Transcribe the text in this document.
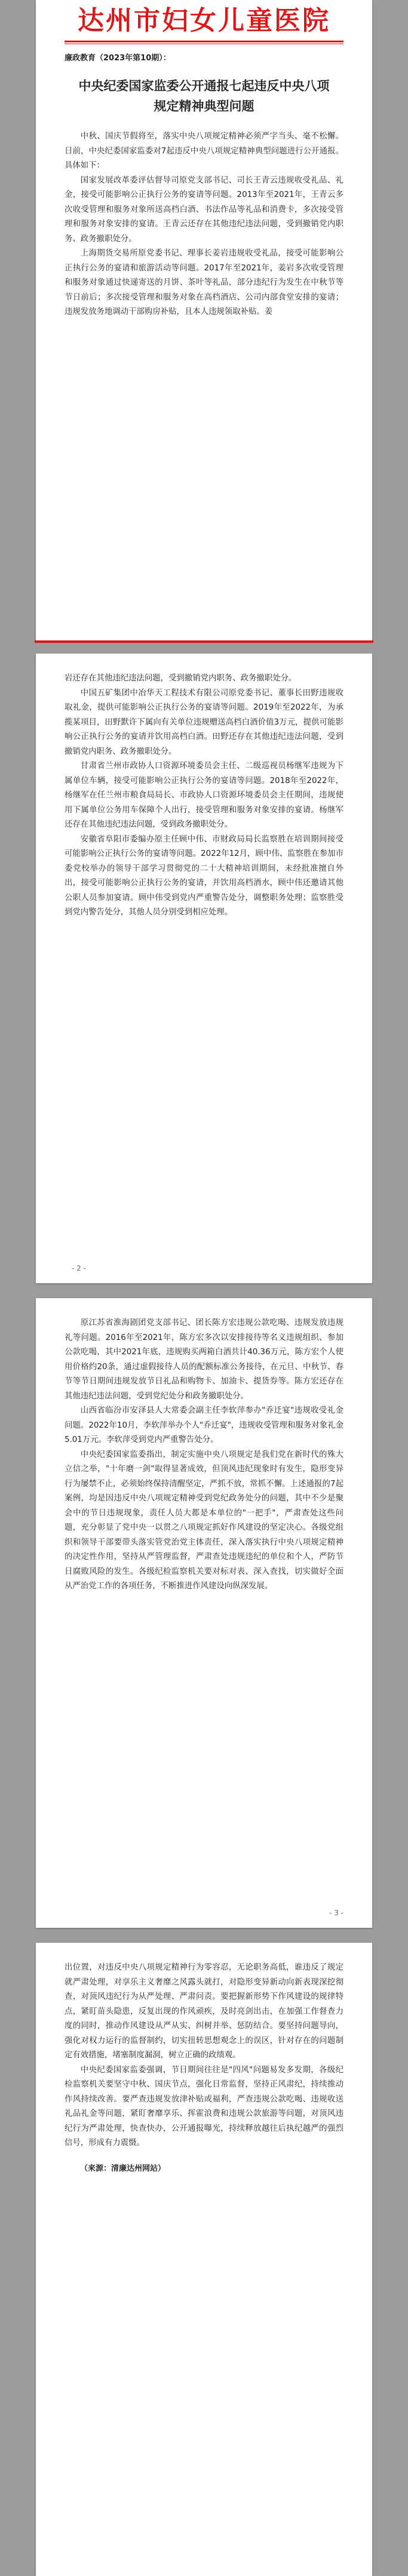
达州市妇女儿童医院
廉政教育（2023年第10期）：
中央纪委国家监委公开通报七起违反中央八项规定精神典型问题

中秋、国庆节假将至，落实中央八项规定精神必须严字当头、毫不松懈。日前，中央纪委国家监委对7起违反中央八项规定精神典型问题进行公开通报。具体如下：

国家发展改革委评估督导司原党支部书记、司长王青云违规收受礼品、礼金，接受可能影响公正执行公务的宴请等问题。2013年至2021年，王青云多次收受管理和服务对象所送高档白酒、书法作品等礼品和消费卡，多次接受管理和服务对象安排的宴请。王青云还存在其他违纪违法问题，受到撤销党内职务、政务撤职处分。

上海期货交易所原党委书记、理事长姜岩违规收受礼品，接受可能影响公正执行公务的宴请和旅游活动等问题。2017年至2021年，姜岩多次收受管理和服务对象通过快递寄送的月饼、茶叶等礼品，部分违纪行为发生在中秋节等节日前后；多次接受管理和服务对象在高档酒店、公司内部食堂安排的宴请；违规发放务地调动干部购房补贴，且本人违规领取补贴。姜

岩还存在其他违纪违法问题，受到撤销党内职务、政务撤职处分。

中国五矿集团中冶华天工程技术有限公司原党委书记、董事长田野违规收取礼金，提供可能影响公正执行公务的宴请等问题。2019年至2022年，为承揽某项目，田野默许下属向有关单位违规赠送高档白酒价值3万元，提供可能影响公正执行公务的宴请并饮用高档白酒。田野还存在其他违纪违法问题，受到撤销党内职务、政务撤职处分。

甘肃省兰州市政协人口资源环境委员会主任、二级巡视员杨继军违规为下属单位车辆，接受可能影响公正执行公务的宴请等问题。2018年至2022年，杨继军在任兰州市粮食局局长、市政协人口资源环境委员会主任期间，违规使用下属单位公务用车保障个人出行，接受管理和服务对象安排的宴请。杨继军还存在其他违纪违法问题，受到政务撤职处分。

安徽省阜阳市委编办原主任顾中伟、市财政局局长监察胜在培训期间接受可能影响公正执行公务的宴请等问题。2022年12月，顾中伟、监察胜在参加市委党校举办的领导干部学习贯彻党的二十大精神培训期间，未经批准擅自外出，接受可能影响公正执行公务的宴请，并饮用高档酒水，顾中伟还邀请其他公职人员参加宴请。顾中伟受到党内严重警告处分，调整职务处理；监察胜受到党内警告处分，其他人员分别受到相应处理。

- 2 -

原江苏省淮海剧团党支部书记、团长陈方宏违规公款吃喝、违规发放违规礼等问题。2016年至2021年，陈方宏多次以安排接待等名义违规组织、参加公款吃喝，其中2021年底，违规购买两箱白酒共计40.36万元，陈方宏个人使用价格约20条，通过虚假接待人员的配额标准公务接待，在元旦、中秋节、春节等节日期间违规发放节日礼品和购物卡、加油卡、提货券等。陈方宏还存在其他违纪违法问题，受到党纪处分和政务撤职处分。

山西省临汾市安泽县人大常委会副主任李软萍参办"乔迁宴"违规收受礼金问题。2022年10月，李软萍举办个人"乔迁宴"，违规收受管理和服务对象礼金5.01万元。李软萍受到党内严重警告处分。

中央纪委国家监委指出，制定实施中央八项规定是我们党在新时代的殊大立信之举，"十年磨一剑"取得显著成效，但顶风违纪现象时有发生，隐形变异行为屡禁不止，必须始终保持清醒坚定，严抓不放，常抓不懈。上述通报的7起案例，均是因违反中央八项规定精神受到党纪政务处分的问题，其中不少是聚会中的节日违规现象，责任人员大都是本单位的"一把手"，严肃查处这些问题，充分彰显了党中央一以贯之八项规定抓好作风建设的坚定决心。各级党组织和领导干部要带头落实管党治党主体责任，深入落实执行中央八项规定精神的决定性作用，坚持从严管理监督，严肃查处违规违纪的单位和个人，严防节日腐败风险的发生。各级纪检监察机关要对标对表、深入查找，切实做好全面从严治党工作的各项任务，不断推进作风建设向纵深发展。

- 3 -

出位置，对违反中央八项规定精神行为零容忍，无论职务高低，谁违反了规定就严肃处理，对享乐主义奢靡之风露头就打，对隐形变异新动向新表现深挖彻查，对顶风违纪行为从严处理、严肃问责。要把握新形势下作风建设的规律特点，紧盯苗头隐患，反复出现的作风顽疾，及时亮剑出击，在加强工作督查力度的同时，推动作风建设从严从实、纠树并举、惩防结合。要坚持问题导向，强化对权力运行的监督制约，切实扭转思想观念上的误区，针对存在的问题制定有效措施，堵塞制度漏洞，树立正确的政绩观。

中央纪委国家监委强调，节日期间往往是"四风"问题易发多发期，各级纪检监察机关要坚守中秋、国庆节点，强化日常监督，坚持正风肃纪，持续推动作风持续改善。要严查违规发放津补贴或福利，严查违规公款吃喝、违规收送礼品礼金等问题，紧盯奢靡享乐、挥霍浪费和违规公款旅游等问题，对顶风违纪行为严肃处理，快查快办，公开通报曝光，持续释放越往后执纪越严的强烈信号，形成有力震慑。

（来源：清廉达州网站）
